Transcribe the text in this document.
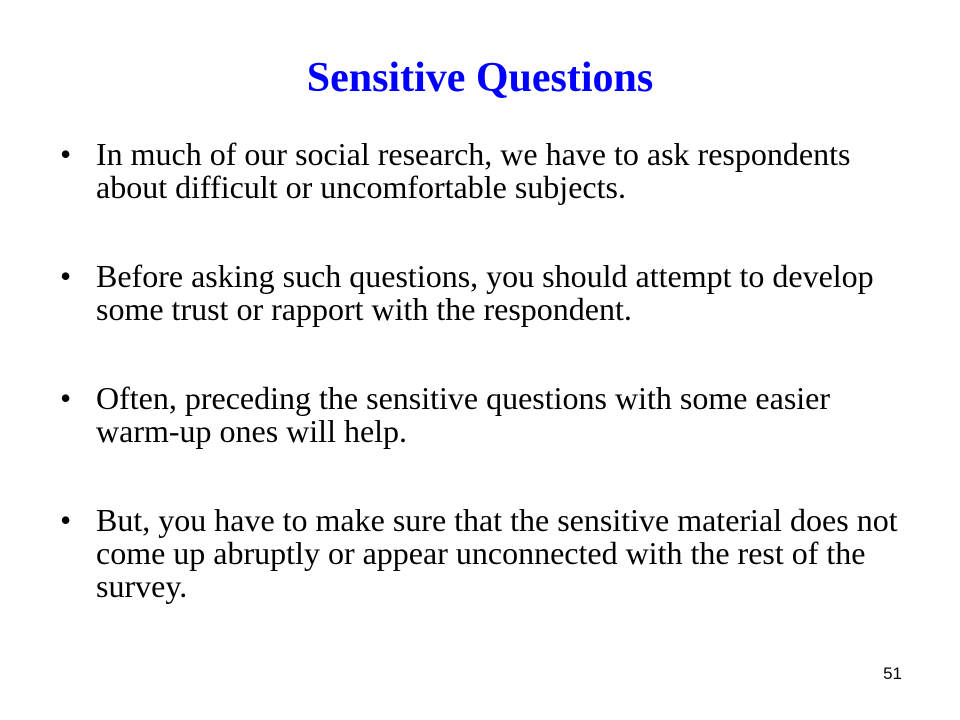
Sensitive Questions
• In much of our social research, we have to ask respondents about difficult or uncomfortable subjects.
• Before asking such questions, you should attempt to develop some trust or rapport with the respondent.
• Often, preceding the sensitive questions with some easier warm-up ones will help.
• But, you have to make sure that the sensitive material does not come up abruptly or appear unconnected with the rest of the survey.
51
